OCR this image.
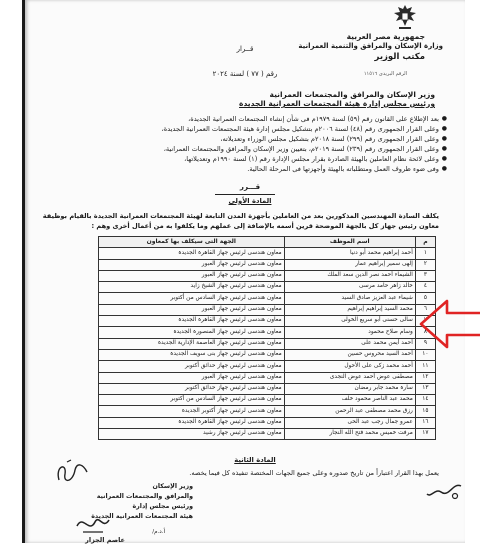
جمهورية مصر العربية
وزارة الإسكان والمرافق والتنمية العمرانية
مكتب الوزير
الرقم البريدى ١١٥١٦
قــرار
رقم ( ٧٧ ) لسنة ٢٠٢٤
وزير الإسكان والمرافق والمجتمعات العمرانية
ورئيس مجلس إدارة هيئة المجتمعات العمرانية الجديدة
●
بعد الإطلاع على القانون رقم (٥٩) لسنة ١٩٧٩م فى شأن إنشاء المجتمعات العمرانية الجديدة،
●
وعلى القرار الجمهورى رقم (٤٨) لسنة ٢٠٠٦م بتشكيل مجلس إدارة هيئة المجتمعات العمرانية الجديدة،
●
وعلى القرار الجمهورى رقم (٢٩٩) لسنة ٢٠١٨م بتشكيل مجلس الوزراء وتعديلاته،
●
وعلى القرار الجمهورى رقم (٢٣٩) لسنة ٢٠١٩م، بتعيين وزير الإسكان والمرافق والمجتمعات العمرانية،
●
وعلى لائحة نظام العاملين بالهيئة الصادرة بقرار مجلس الإدارة رقم (١) لسنة ١٩٩٠م وتعديلاتها،
●
وفى ضوء ظروف العمل ومتطلباته بالهيئة وأجهزتها فى المرحلة الحالية.
قـــرر
المادة الأولى
يكلف السادة المهندسين المذكورين بعد من العاملين بأجهزة المدن التابعة لهيئة المجتمعات العمرانية الجديدة بالقيام بوظيفة
معاون رئيس جهاز كل بالجهة الموضحة قرين أسمه بالإضافة إلى عملهم وما يكلفوا به من أعمال أخرى وهم :
م	اسم الموظف	الجهة التى سيكلف بها كمعاون
١	أحمد إبراهيم محمد أبو دنيا	معاون هندسى لرئيس جهاز القاهرة الجديدة
٢	إلهى سمير إبراهيم عمار	معاون هندسى لرئيس جهاز العبور
٣	الشيماء أحمد نصر الدين سعد الملك	معاون هندسى لرئيس جهاز العبور
٤	خالد زاهر حامد مرسى	معاون هندسى لرئيس جهاز الشيخ زايد
٥	شيماء عبد العزيز صادق السيد	معاون هندسى لرئيس جهاز السادس من أكتوبر
٦	محمد السيد إبراهيم إبراهيم	معاون هندسى لرئيس جهاز العبور
٧	سالى حسنى أبو سريع الخولى	معاون هندسى لرئيس جهاز القاهرة الجديدة
٨	وسام صلاح محمود	معاون هندسى لرئيس جهاز المنصورة الجديدة
٩	أحمد أيمن محمد على	معاون هندسى لرئيس جهاز العاصمة الإدارية الجديدة
١٠	أحمد السيد محروس حسين	معاون هندسى لرئيس جهاز بنى سويف الجديدة
١١	أحمد محمد زكى على الأحول	معاون هندسى لرئيس جهاز حدائق أكتوبر
١٢	مصطفى عوض أحمد عوض النجدى	معاون هندسى لرئيس جهاز العبور
١٣	سارة محمد جابر رمضان	معاون هندسى لرئيس جهاز حدائق أكتوبر
١٤	محمد عبد الناصر محمود خلف	معاون هندسى لرئيس جهاز السادس من أكتوبر
١٥	رزق محمد مصطفى عبد الرحمن	معاون هندسى لرئيس جهاز أكتوبر الجديدة
١٦	عمرو جمال رجب عبد الحى	معاون هندسى لرئيس جهاز القاهرة الجديدة
١٧	مرفت خميس محمد فتح الله النجار	معاون هندسى لرئيس جهاز رشيد
المادة الثانية
يعمل بهذا القرار اعتباراً من تاريخ صدوره وعلى جميع الجهات المختصة تنفيذه كل فيما يخصه.
وزير الإسكان
والمرافق والمجتمعات العمرانية
ورئيس مجلس إدارة
هيئة المجتمعات العمرانية الجديدة
أ.د.م/
عاصم الجزار
